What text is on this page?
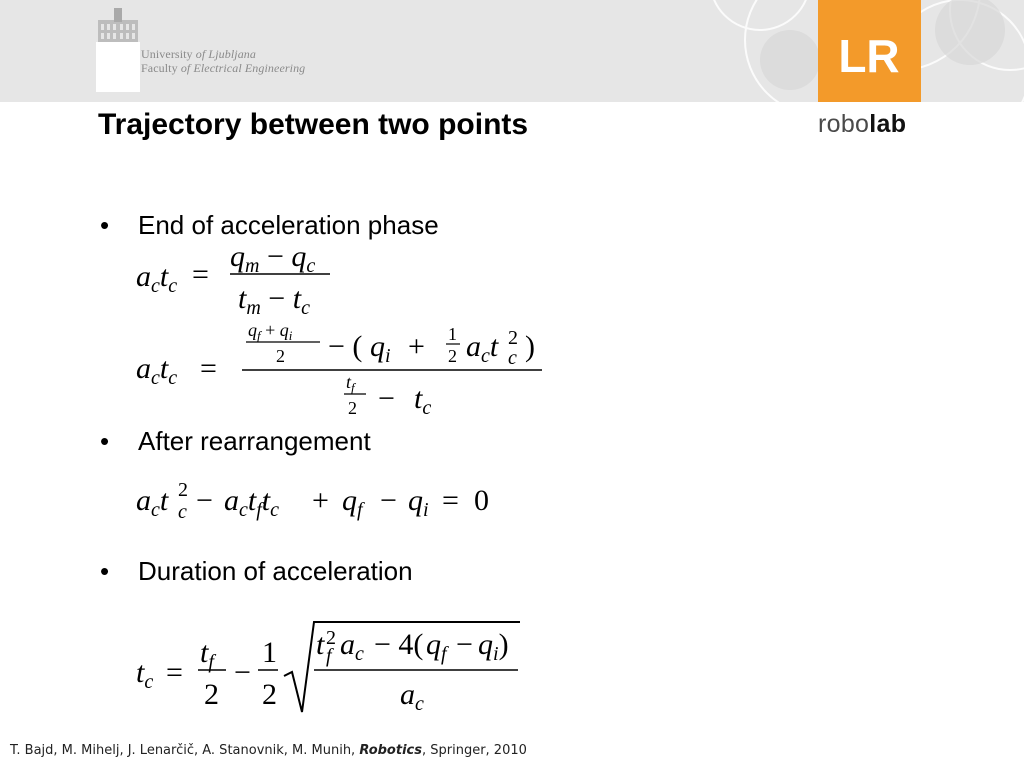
University of Ljubljana
Faculty of Electrical Engineering	LR
robolab
Trajectory between two points
•	End of acceleration phase
$a_ct_c$ =
$q_m - q_c$
$t_m - t_c$
$a_ct_c$ =
$q_f + q_i$
2 − ( $q_i + 1$
2 $a_ct$ 2
c )
$t_f$
$2 - t_c$
•	After rearrangement
$a_ct$ 2
$c - a_ct_ft_c + q_f - q_i = 0$
•	Duration of acceleration
$t_c$ =
$t_f$
2
−
1
2
t 2
f $a_c - 4$( $q_f - q_i$)
$a_c$
T. Bajd, M. Mihelj, J. Lenarčič, A. Stanovnik, M. Munih, Robotics, Springer, 2010
